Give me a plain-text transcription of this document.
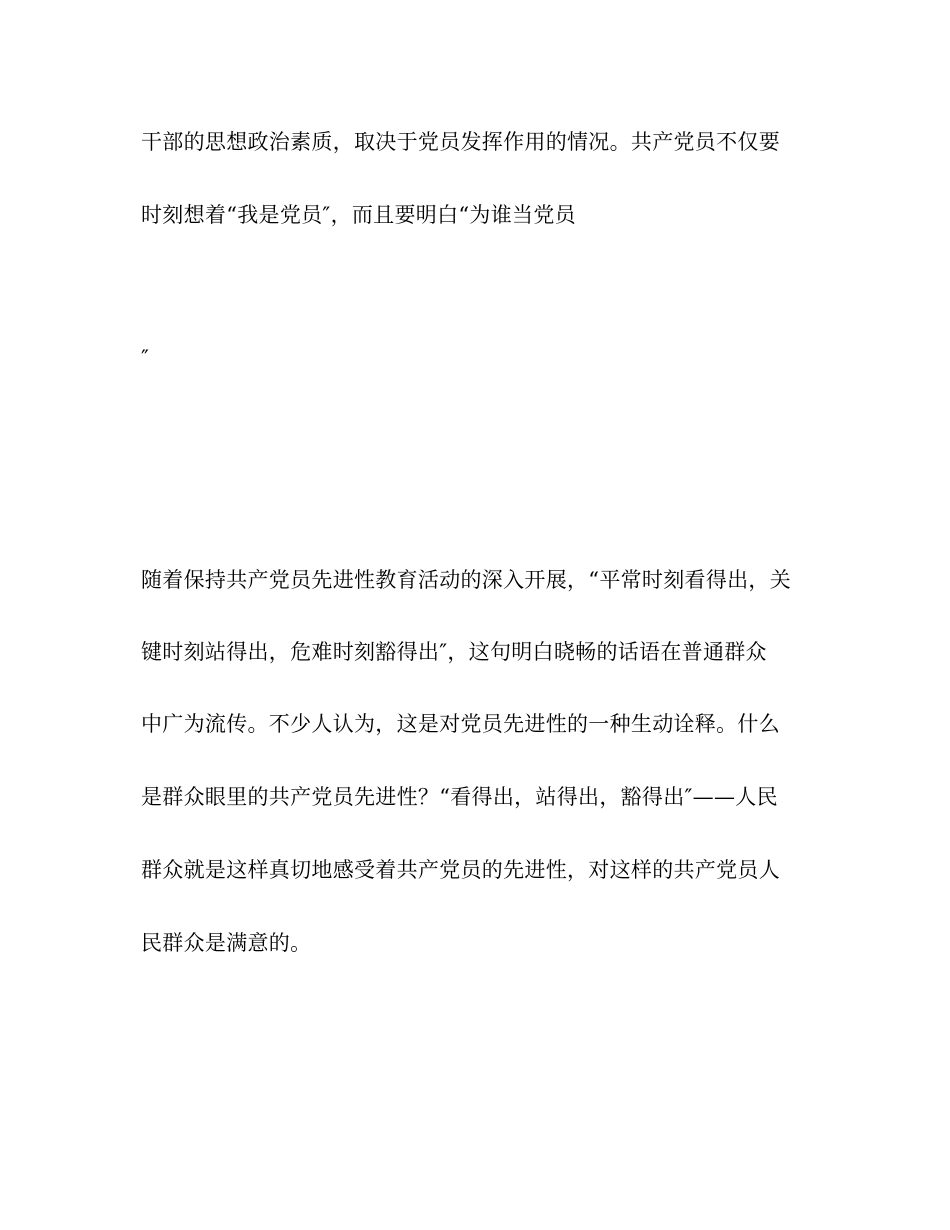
干部的思想政治素质，取决于党员发挥作用的情况。共产党员不仅要
时刻想着“我是党员″，而且要明白“为谁当党员
″
随着保持共产党员先进性教育活动的深入开展，“平常时刻看得出，关
键时刻站得出，危难时刻豁得出″，这句明白晓畅的话语在普通群众
中广为流传。不少人认为，这是对党员先进性的一种生动诠释。什么
是群众眼里的共产党员先进性？“看得出，站得出，豁得出″——人民
群众就是这样真切地感受着共产党员的先进性，对这样的共产党员人
民群众是满意的。
